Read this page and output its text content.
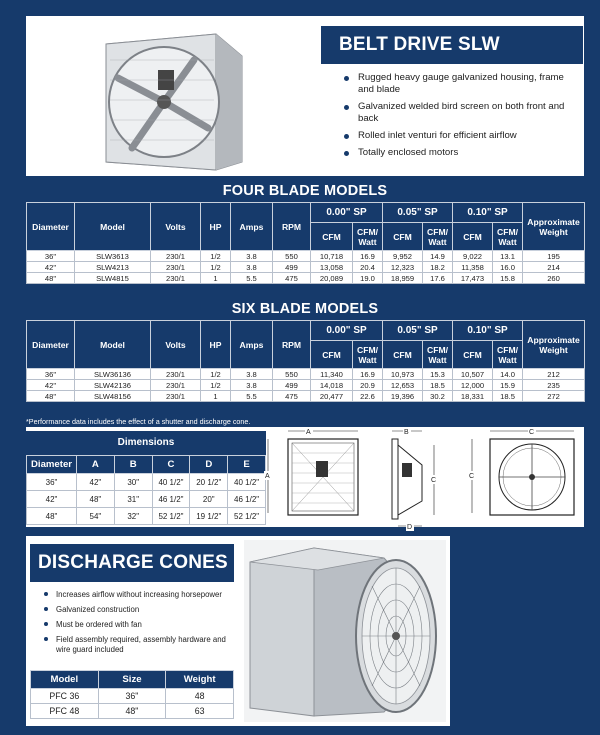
BELT DRIVE SLW
Rugged heavy gauge galvanized housing, frame and blade
Galvanized welded bird screen on both front and back
Rolled inlet venturi for efficient airflow
Totally enclosed motors
FOUR BLADE MODELS
Diameter	Model	Volts	HP	Amps	RPM	0.00" SP		0.05" SP		0.10" SP		Approximate Weight
						CFM	CFM/ Watt	CFM	CFM/ Watt	CFM	CFM/ Watt	
36"	SLW3613	230/1	1/2	3.8	550	10,718	16.9	9,952	14.9	9,022	13.1	195
42"	SLW4213	230/1	1/2	3.8	499	13,058	20.4	12,323	18.2	11,358	16.0	214
48"	SLW4815	230/1	1	5.5	475	20,089	19.0	18,959	17.6	17,473	15.8	260
SIX BLADE MODELS
Diameter	Model	Volts	HP	Amps	RPM	0.00" SP		0.05" SP		0.10" SP		Approximate Weight
						CFM	CFM/ Watt	CFM	CFM/ Watt	CFM	CFM/ Watt	
36"	SLW36136	230/1	1/2	3.8	550	11,340	16.9	10,973	15.3	10,507	14.0	212
42"	SLW42136	230/1	1/2	3.8	499	14,018	20.9	12,653	18.5	12,000	15.9	235
48"	SLW48156	230/1	1	5.5	475	20,477	22.6	19,396	30.2	18,331	18.5	272
*Performance data includes the effect of a shutter and discharge cone.
Dimensions
Diameter	A	B	C	D	E
36"	42"	30"	40 1/2"	20 1/2"	40 1/2"
42"	48"	31"	46 1/2"	20"	46 1/2"
48"	54"	32"	52 1/2"	19 1/2"	52 1/2"
A
A
B
C
D
C
C
DISCHARGE CONES
Increases airflow without increasing horsepower
Galvanized construction
Must be ordered with fan
Field assembly required, assembly hardware and wire guard included
Model	Size	Weight
PFC 36	36"	48
PFC 48	48"	63
